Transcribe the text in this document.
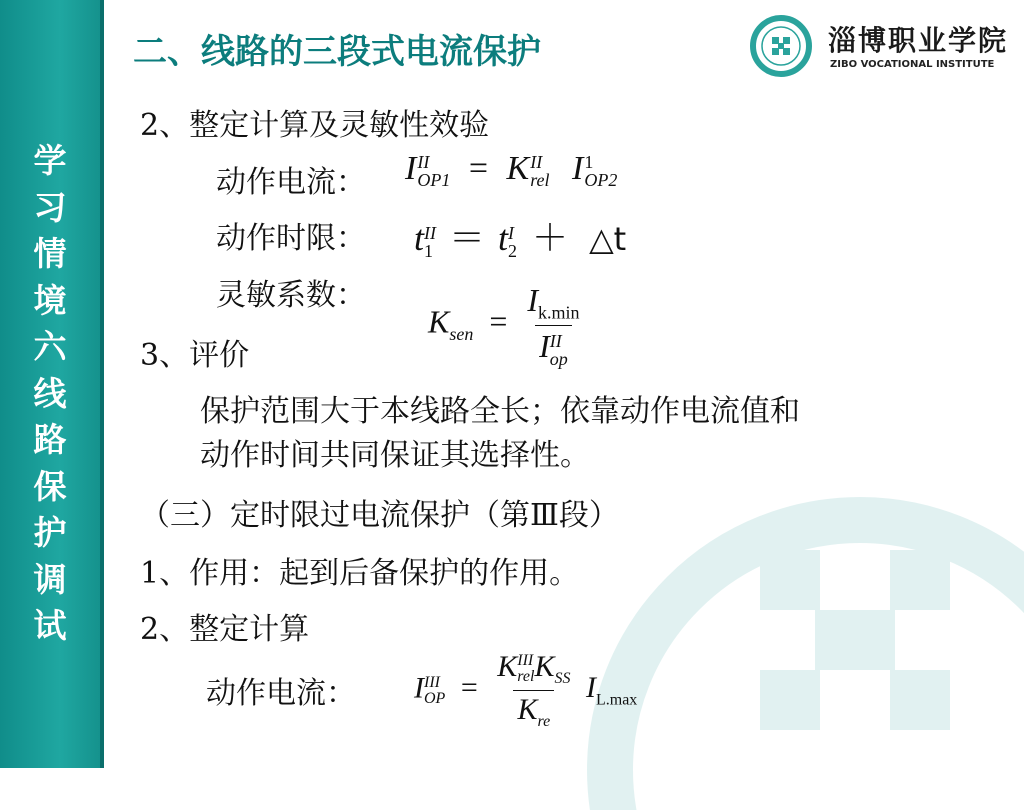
学
习
情
境
六
线
路
保
护
调
试
二、线路的三段式电流保护	淄博职业学院
ZIBO VOCATIONAL INSTITUTE
2、整定计算及灵敏性效验
动作电流： I II
OP1 = K II
rel I 1
OP2
动作时限： t II
1 ＝ t I
2 ＋ △t
灵敏系数：
$K_{sen} = I_{k.min}$
I II
op
3、评价
保护范围大于本线路全长；依靠动作电流值和
动作时间共同保证其选择性。
（三）定时限过电流保护（第Ⅲ段）
1、作用：起到后备保护的作用。
2、整定计算
动作电流： I III
OP = K III
rel $K_{SS}$
$K_{re}$ $I_{L.max}$
